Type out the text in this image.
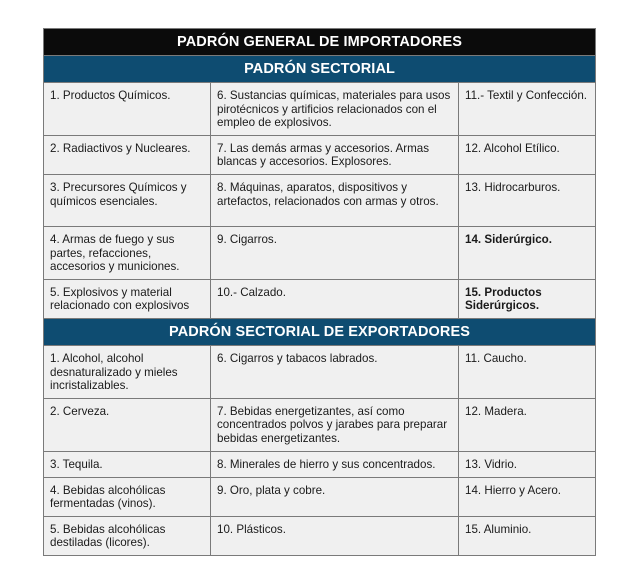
PADRÓN GENERAL DE IMPORTADORES		
PADRÓN SECTORIAL		
1. Productos Químicos.	6. Sustancias químicas, materiales para usos pirotécnicos y artificios relacionados con el empleo de explosivos.	11.- Textil y Confección.
2. Radiactivos y Nucleares.	7. Las demás armas y accesorios. Armas blancas y accesorios. Explosores.	12. Alcohol Etílico.
3. Precursores Químicos y químicos esenciales.	8. Máquinas, aparatos, dispositivos y artefactos, relacionados con armas y otros.	13. Hidrocarburos.
4. Armas de fuego y sus partes, refacciones, accesorios y municiones.	9. Cigarros.	14. Siderúrgico.
5. Explosivos y material relacionado con explosivos	10.- Calzado.	15. Productos Siderúrgicos.
PADRÓN SECTORIAL DE EXPORTADORES		
1. Alcohol, alcohol desnaturalizado y mieles incristalizables.	6. Cigarros y tabacos labrados.	11. Caucho.
2. Cerveza.	7. Bebidas energetizantes, así como concentrados polvos y jarabes para preparar bebidas energetizantes.	12. Madera.
3. Tequila.	8. Minerales de hierro y sus concentrados.	13. Vidrio.
4. Bebidas alcohólicas fermentadas (vinos).	9. Oro, plata y cobre.	14. Hierro y Acero.
5. Bebidas alcohólicas destiladas (licores).	10. Plásticos.	15. Aluminio.
